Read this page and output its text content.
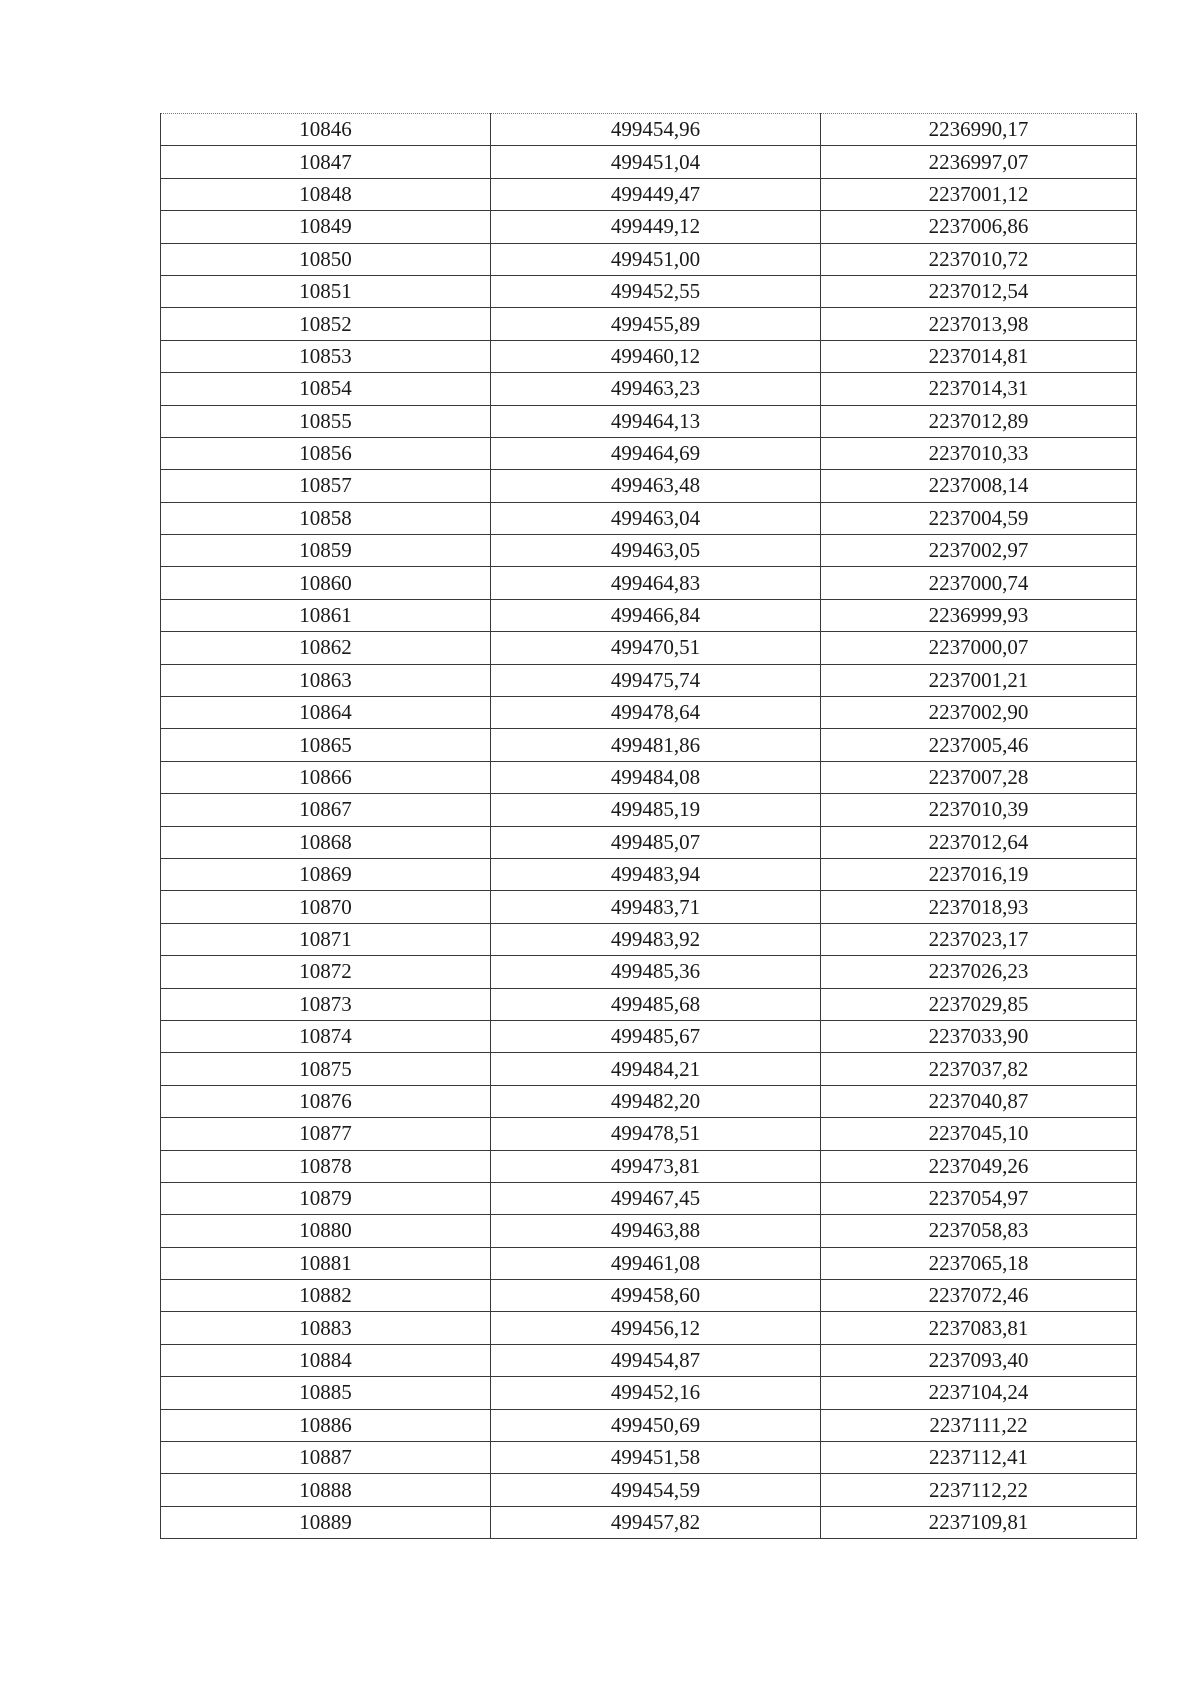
10846	499454,96	2236990,17
10847	499451,04	2236997,07
10848	499449,47	2237001,12
10849	499449,12	2237006,86
10850	499451,00	2237010,72
10851	499452,55	2237012,54
10852	499455,89	2237013,98
10853	499460,12	2237014,81
10854	499463,23	2237014,31
10855	499464,13	2237012,89
10856	499464,69	2237010,33
10857	499463,48	2237008,14
10858	499463,04	2237004,59
10859	499463,05	2237002,97
10860	499464,83	2237000,74
10861	499466,84	2236999,93
10862	499470,51	2237000,07
10863	499475,74	2237001,21
10864	499478,64	2237002,90
10865	499481,86	2237005,46
10866	499484,08	2237007,28
10867	499485,19	2237010,39
10868	499485,07	2237012,64
10869	499483,94	2237016,19
10870	499483,71	2237018,93
10871	499483,92	2237023,17
10872	499485,36	2237026,23
10873	499485,68	2237029,85
10874	499485,67	2237033,90
10875	499484,21	2237037,82
10876	499482,20	2237040,87
10877	499478,51	2237045,10
10878	499473,81	2237049,26
10879	499467,45	2237054,97
10880	499463,88	2237058,83
10881	499461,08	2237065,18
10882	499458,60	2237072,46
10883	499456,12	2237083,81
10884	499454,87	2237093,40
10885	499452,16	2237104,24
10886	499450,69	2237111,22
10887	499451,58	2237112,41
10888	499454,59	2237112,22
10889	499457,82	2237109,81
